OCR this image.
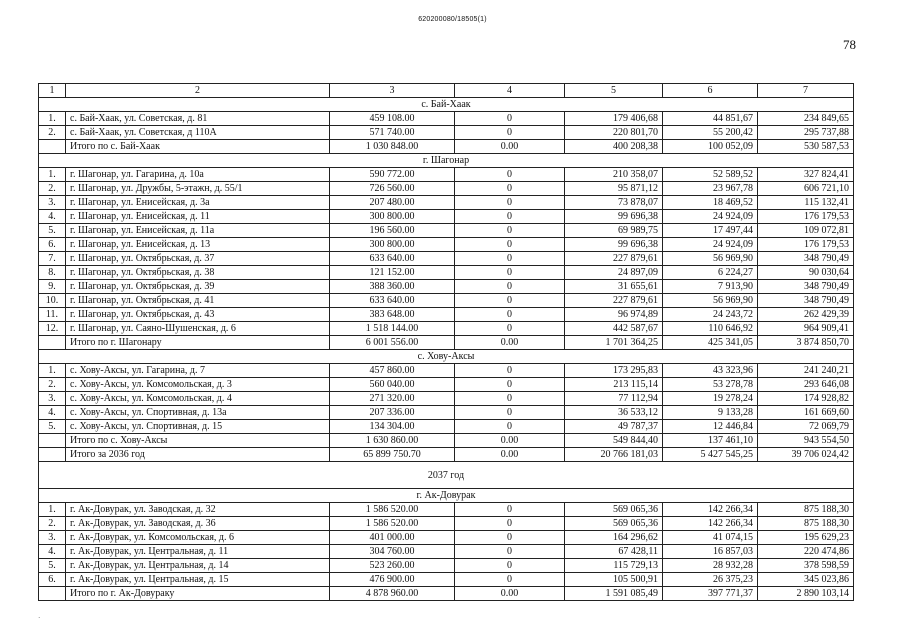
620200080/18505(1)
78
1	2	3	4	5	6	7
с. Бай-Хаак						
1.	с. Бай-Хаак, ул. Советская, д. 81	459 108.00	0	179 406,68	44 851,67	234 849,65
2.	с. Бай-Хаак, ул. Советская, д 110А	571 740.00	0	220 801,70	55 200,42	295 737,88
	Итого по с. Бай-Хаак	1 030 848.00	0.00	400 208,38	100 052,09	530 587,53
г. Шагонар						
1.	г. Шагонар, ул. Гагарина, д. 10а	590 772.00	0	210 358,07	52 589,52	327 824,41
2.	г. Шагонар, ул. Дружбы, 5-этажн, д. 55/1	726 560.00	0	95 871,12	23 967,78	606 721,10
3.	г. Шагонар, ул. Енисейская, д. 3а	207 480.00	0	73 878,07	18 469,52	115 132,41
4.	г. Шагонар, ул. Енисейская, д. 11	300 800.00	0	99 696,38	24 924,09	176 179,53
5.	г. Шагонар, ул. Енисейская, д. 11а	196 560.00	0	69 989,75	17 497,44	109 072,81
6.	г. Шагонар, ул. Енисейская, д. 13	300 800.00	0	99 696,38	24 924,09	176 179,53
7.	г. Шагонар, ул. Октябрьская, д. 37	633 640.00	0	227 879,61	56 969,90	348 790,49
8.	г. Шагонар, ул. Октябрьская, д. 38	121 152.00	0	24 897,09	6 224,27	90 030,64
9.	г. Шагонар, ул. Октябрьская, д. 39	388 360.00	0	31 655,61	7 913,90	348 790,49
10.	г. Шагонар, ул. Октябрьская, д. 41	633 640.00	0	227 879,61	56 969,90	348 790,49
11.	г. Шагонар, ул. Октябрьская, д. 43	383 648.00	0	96 974,89	24 243,72	262 429,39
12.	г. Шагонар, ул. Саяно-Шушенская, д. 6	1 518 144.00	0	442 587,67	110 646,92	964 909,41
	Итого по г. Шагонару	6 001 556.00	0.00	1 701 364,25	425 341,05	3 874 850,70
с. Хову-Аксы						
1.	с. Хову-Аксы, ул. Гагарина, д. 7	457 860.00	0	173 295,83	43 323,96	241 240,21
2.	с. Хову-Аксы, ул. Комсомольская, д. 3	560 040.00	0	213 115,14	53 278,78	293 646,08
3.	с. Хову-Аксы, ул. Комсомольская, д. 4	271 320.00	0	77 112,94	19 278,24	174 928,82
4.	с. Хову-Аксы, ул. Спортивная, д. 13а	207 336.00	0	36 533,12	9 133,28	161 669,60
5.	с. Хову-Аксы, ул. Спортивная, д. 15	134 304.00	0	49 787,37	12 446,84	72 069,79
	Итого по с. Хову-Аксы	1 630 860.00	0.00	549 844,40	137 461,10	943 554,50
	Итого за 2036 год	65 899 750.70	0.00	20 766 181,03	5 427 545,25	39 706 024,42
2037 год						
г. Ак-Довурак						
1.	г. Ак-Довурак, ул. Заводская, д. 32	1 586 520.00	0	569 065,36	142 266,34	875 188,30
2.	г. Ак-Довурак, ул. Заводская, д. 36	1 586 520.00	0	569 065,36	142 266,34	875 188,30
3.	г. Ак-Довурак, ул. Комсомольская, д. 6	401 000.00	0	164 296,62	41 074,15	195 629,23
4.	г. Ак-Довурак, ул. Центральная, д. 11	304 760.00	0	67 428,11	16 857,03	220 474,86
5.	г. Ак-Довурак, ул. Центральная, д. 14	523 260.00	0	115 729,13	28 932,28	378 598,59
6.	г. Ак-Довурак, ул. Центральная, д. 15	476 900.00	0	105 500,91	26 375,23	345 023,86
	Итого по г. Ак-Довураку	4 878 960.00	0.00	1 591 085,49	397 771,37	2 890 103,14
·
